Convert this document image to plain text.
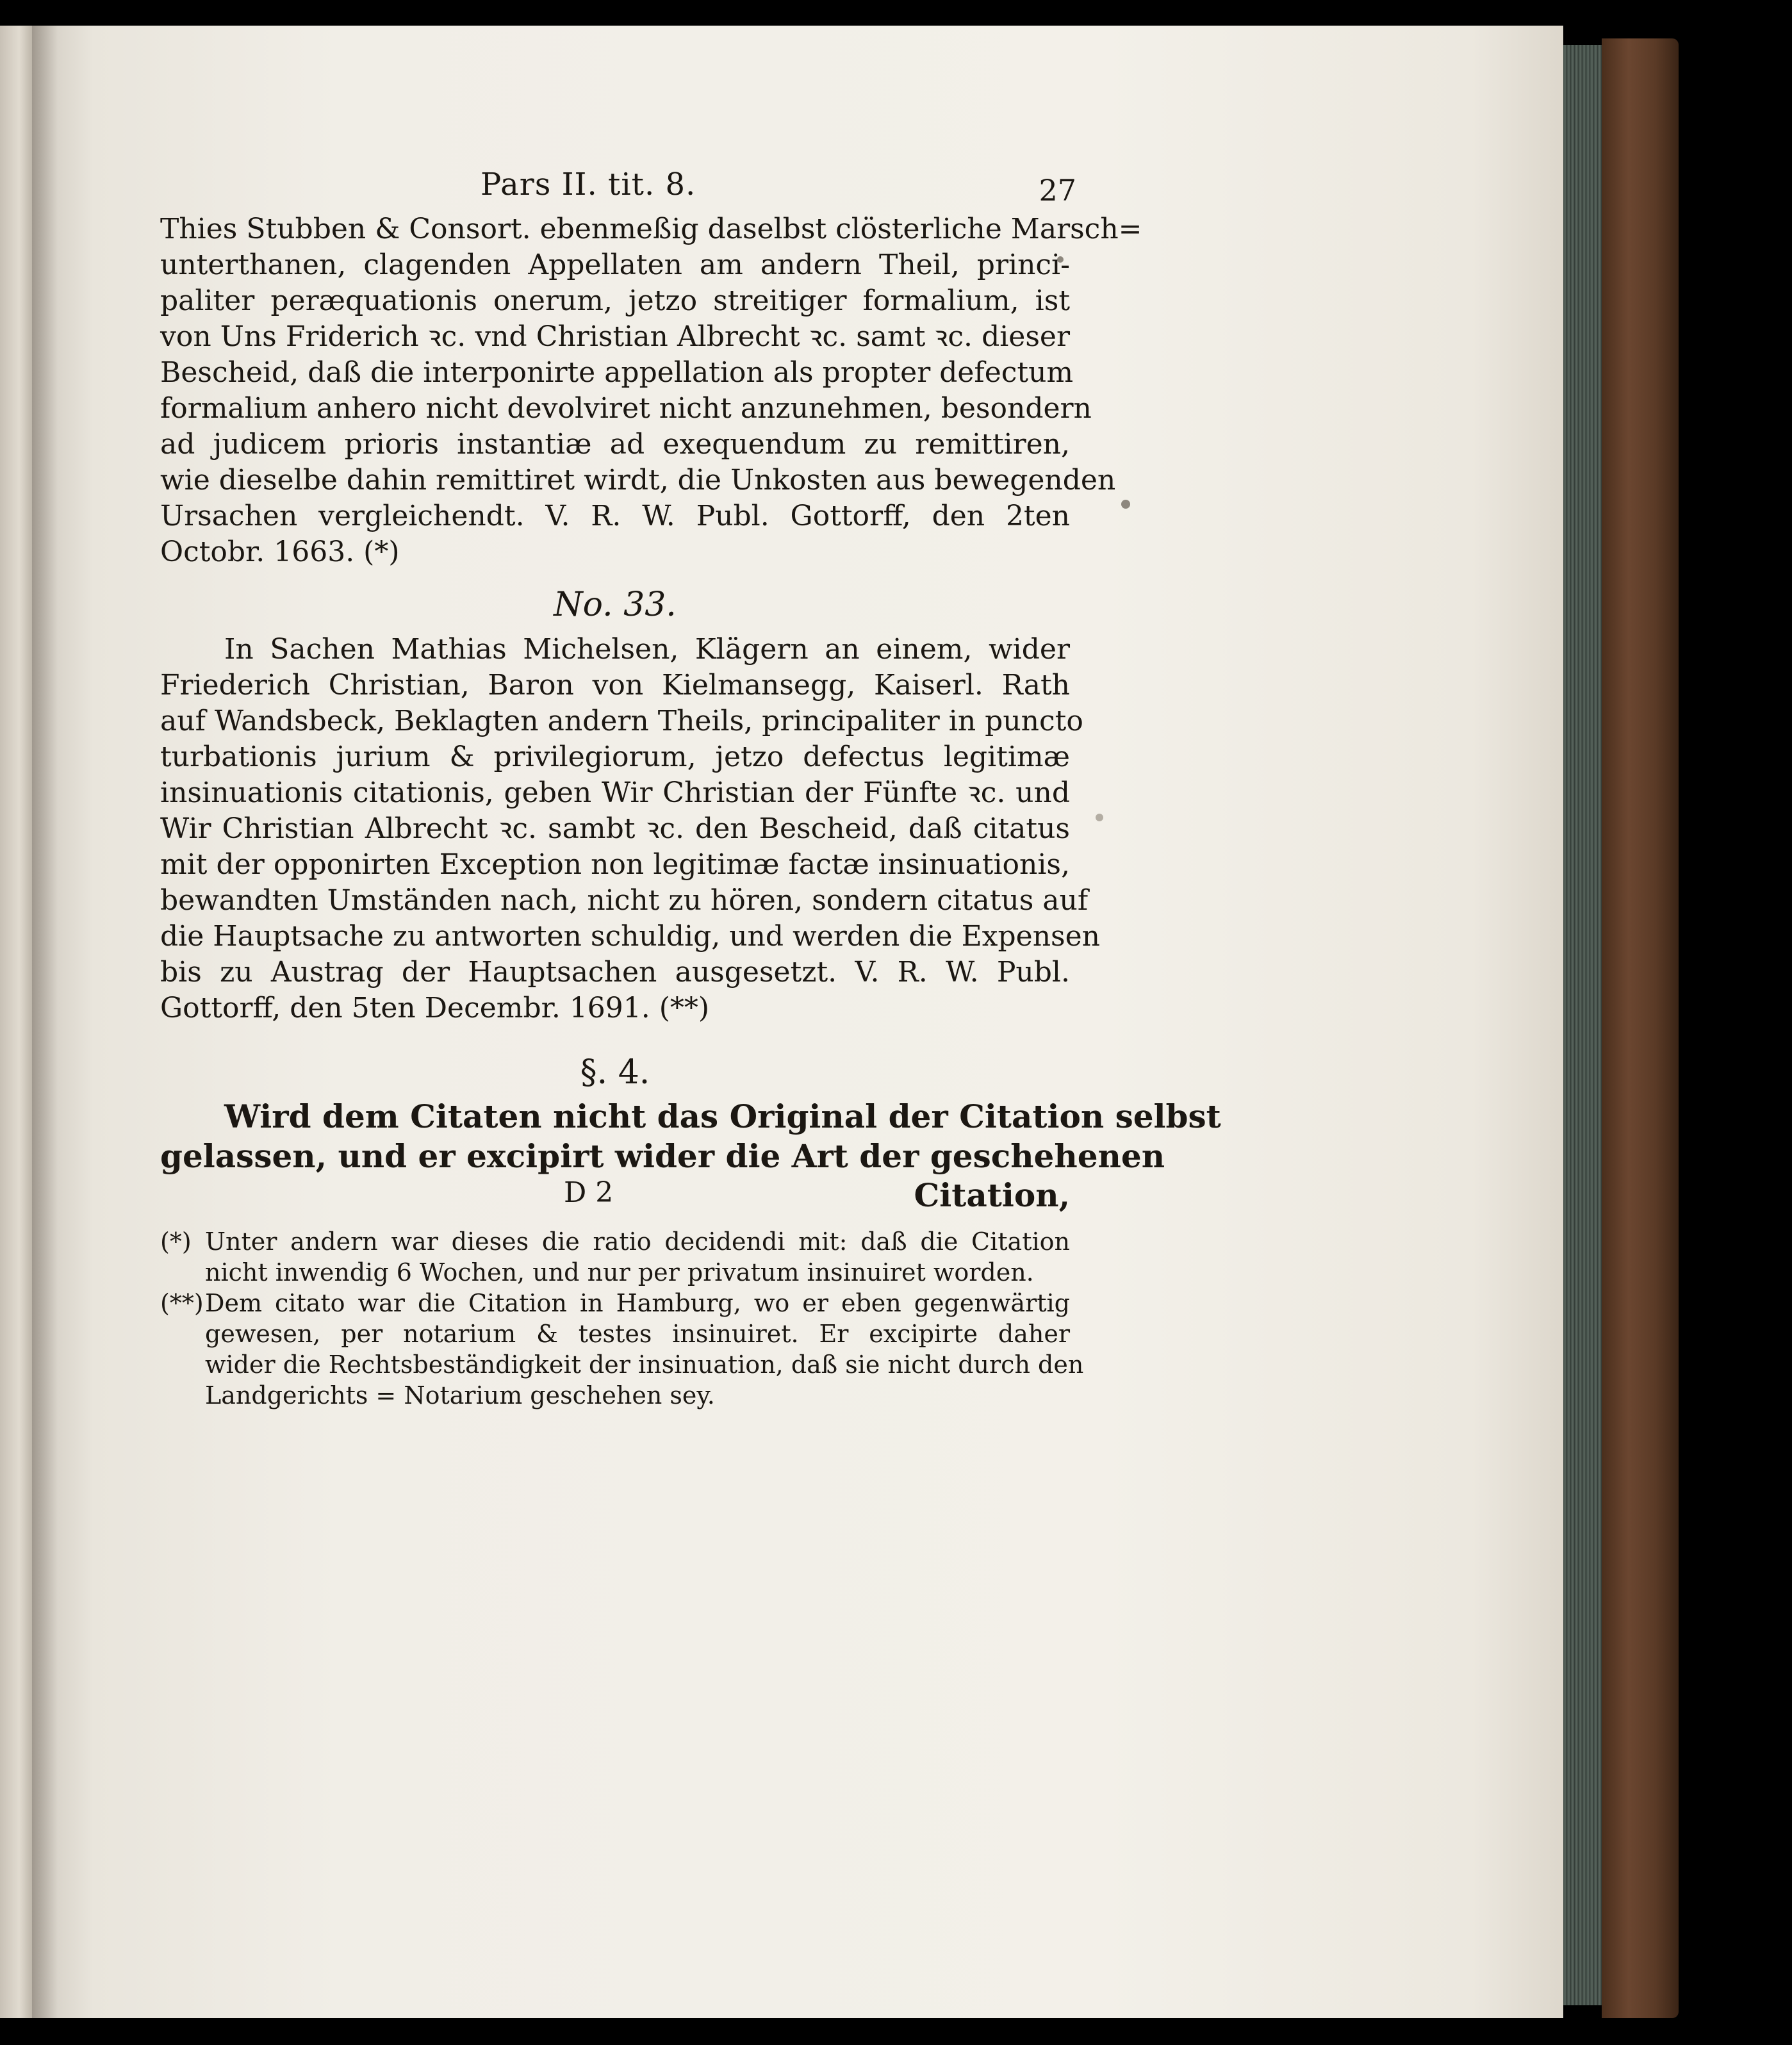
Pars II. tit. 8.	27

Thies Stubben & Consort. ebenmeßig daselbst clösterliche Marsch=
unterthanen, clagenden Appellaten am andern Theil, princi-
paliter peræquationis onerum, jetzo streitiger formalium, ist
von Uns Friderich ꝛc. vnd Christian Albrecht ꝛc. samt ꝛc. dieser
Bescheid, daß die interponirte appellation als propter defectum
formalium anhero nicht devolviret nicht anzunehmen, besondern
ad judicem prioris instantiæ ad exequendum zu remittiren,
wie dieselbe dahin remittiret wirdt, die Unkosten aus bewegenden
Ursachen vergleichendt. V. R. W. Publ. Gottorff, den 2ten
Octobr. 1663. (*)

No. 33.

In Sachen Mathias Michelsen, Klägern an einem, wider
Friederich Christian, Baron von Kielmansegg, Kaiserl. Rath
auf Wandsbeck, Beklagten andern Theils, principaliter in puncto
turbationis jurium & privilegiorum, jetzo defectus legitimæ
insinuationis citationis, geben Wir Christian der Fünfte ꝛc. und
Wir Christian Albrecht ꝛc. sambt ꝛc. den Bescheid, daß citatus
mit der opponirten Exception non legitimæ factæ insinuationis,
bewandten Umständen nach, nicht zu hören, sondern citatus auf
die Hauptsache zu antworten schuldig, und werden die Expensen
bis zu Austrag der Hauptsachen ausgesetzt. V. R. W. Publ.
Gottorff, den 5ten Decembr. 1691. (**)

§. 4.

Wird dem Citaten nicht das Original der Citation selbst
gelassen, und er excipirt wider die Art der geschehenen

D 2	Citation,
(*) Unter andern war dieses die ratio decidendi mit: daß die Citation
nicht inwendig 6 Wochen, und nur per privatum insinuiret worden.
(**) Dem citato war die Citation in Hamburg, wo er eben gegenwärtig
gewesen, per notarium & testes insinuiret. Er excipirte daher
wider die Rechtsbeständigkeit der insinuation, daß sie nicht durch den
Landgerichts = Notarium geschehen sey.
